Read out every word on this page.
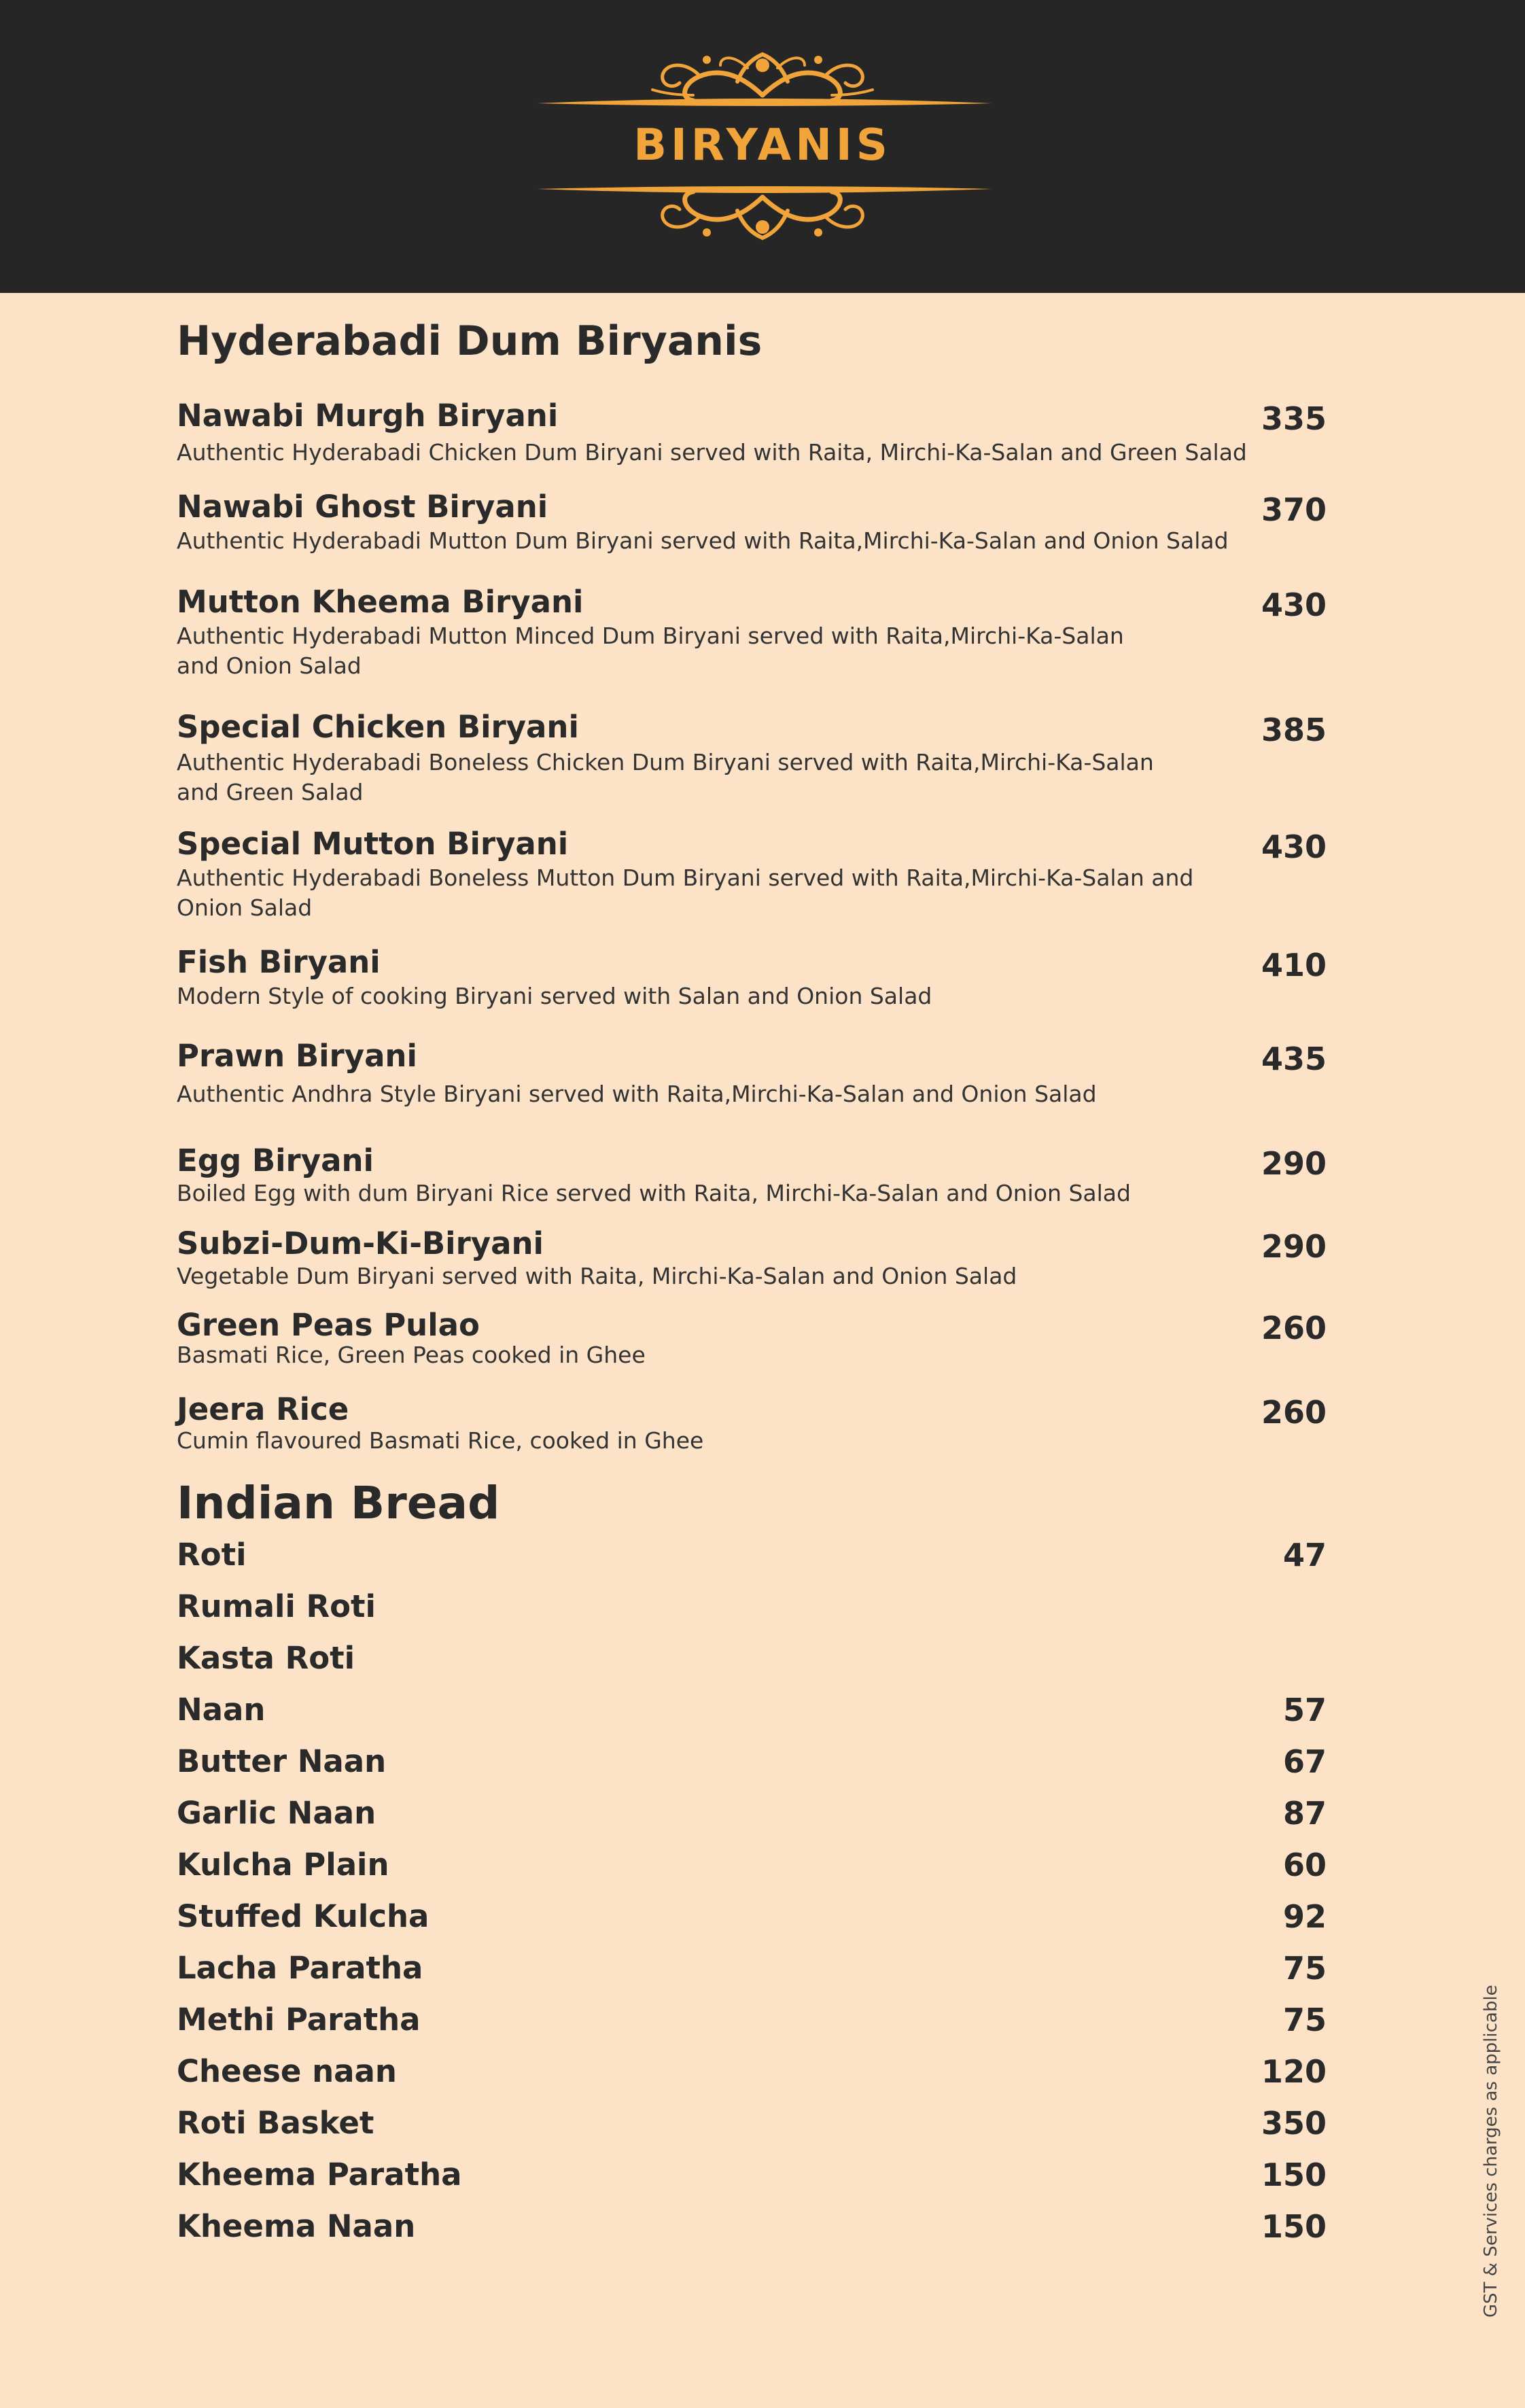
BIRYANIS
Hyderabadi Dum Biryanis
Nawabi Murgh Biryani	335
Authentic Hyderabadi Chicken Dum Biryani served with Raita, Mirchi-Ka-Salan and Green Salad
Nawabi Ghost Biryani	370
Authentic Hyderabadi Mutton Dum Biryani served with Raita,Mirchi-Ka-Salan and Onion Salad
Mutton Kheema Biryani	430
Authentic Hyderabadi Mutton Minced Dum Biryani served with Raita,Mirchi-Ka-Salan and Onion Salad
Special Chicken Biryani	385
Authentic Hyderabadi Boneless Chicken Dum Biryani served with Raita,Mirchi-Ka-Salan and Green Salad
Special Mutton Biryani	430
Authentic Hyderabadi Boneless Mutton Dum Biryani served with Raita,Mirchi-Ka-Salan and Onion Salad
Fish Biryani	410
Modern Style of cooking Biryani served with Salan and Onion Salad
Prawn Biryani	435
Authentic Andhra Style Biryani served with Raita,Mirchi-Ka-Salan and Onion Salad
Egg Biryani	290
Boiled Egg with dum Biryani Rice served with Raita, Mirchi-Ka-Salan and Onion Salad
Subzi-Dum-Ki-Biryani	290
Vegetable Dum Biryani served with Raita, Mirchi-Ka-Salan and Onion Salad
Green Peas Pulao	260
Basmati Rice, Green Peas cooked in Ghee
Jeera Rice	260
Cumin flavoured Basmati Rice, cooked in Ghee
Indian Bread
Roti	47
Rumali Roti
Kasta Roti
Naan	57
Butter Naan	67
Garlic Naan	87
Kulcha Plain	60
Stuffed Kulcha	92
Lacha Paratha	75
Methi Paratha	75
Cheese naan	120
Roti Basket	350
Kheema Paratha	150
Kheema Naan	150	GST & Services charges as applicable
